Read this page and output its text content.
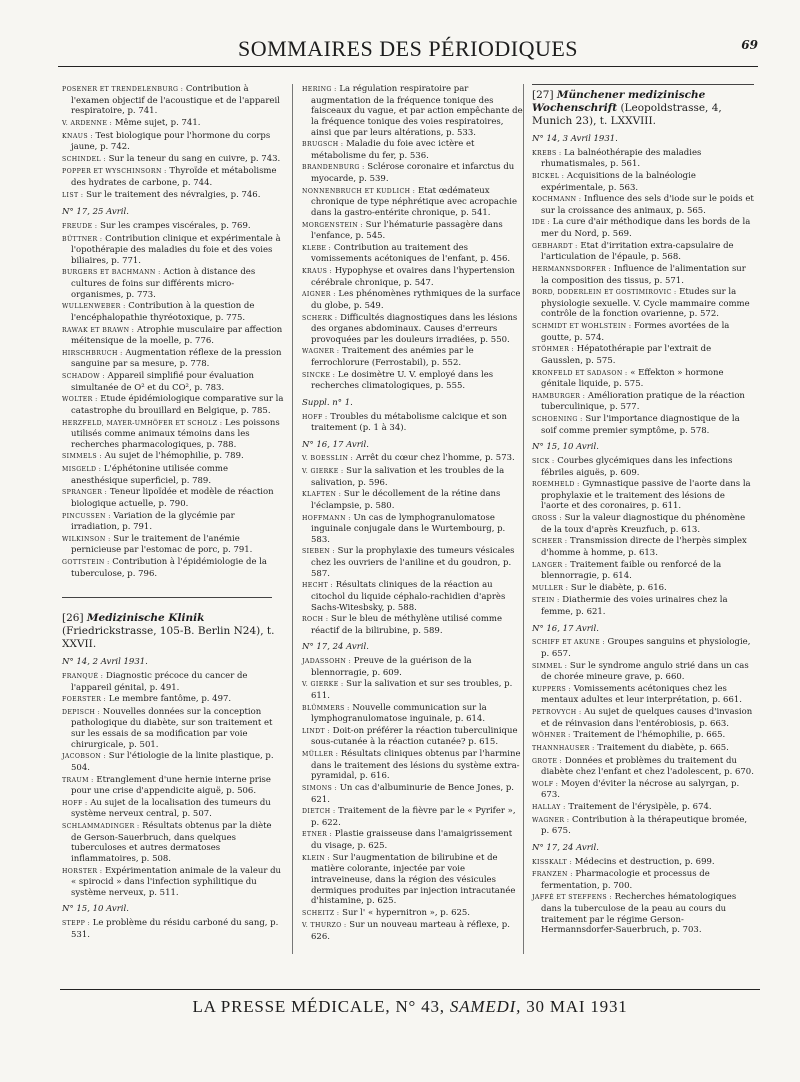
SOMMAIRES DES PÉRIODIQUES	69
POSENER ET TRENDELENBURG : Contribution à l'examen objectif de l'acoustique et de l'appareil respiratoire, p. 741.
V. ARDENNE : Même sujet, p. 741.
KNAUS : Test biologique pour l'hormone du corps jaune, p. 742.
SCHINDEL : Sur la teneur du sang en cuivre, p. 743.
POPPER ET WYSCHINSORN : Thyroïde et métabolisme des hydrates de carbone, p. 744.
LIST : Sur le traitement des névralgies, p. 746.
N° 17, 25 Avril.
FREUDE : Sur les crampes viscérales, p. 769.
BÜTTNER : Contribution clinique et expérimentale à l'opothérapie des maladies du foie et des voies biliaires, p. 771.
BURGERS ET BACHMANN : Action à distance des cultures de foins sur différents micro-organismes, p. 773.
WULLENWEBER : Contribution à la question de l'encéphalopathie thyréotoxique, p. 775.
RAWAK ET BRAWN : Atrophie musculaire par affection méitensique de la moelle, p. 776.
HIRSCHBRUCH : Augmentation réflexe de la pression sanguine par sa mesure, p. 778.
SCHADOW : Appareil simplifié pour évaluation simultanée de O² et du CO², p. 783.
WOLTER : Etude épidémiologique comparative sur la catastrophe du brouillard en Belgique, p. 785.
HERZFELD, MAYER-UMHÖFER ET SCHOLZ : Les poissons utilisés comme animaux témoins dans les recherches pharmacologiques, p. 788.
SIMMELS : Au sujet de l'hémophilie, p. 789.
MISGELD : L'éphétonine utilisée comme anesthésique superficiel, p. 789.
SPRANGER : Teneur lipoïdée et modèle de réaction biologique actuelle, p. 790.
PINCUSSEN : Variation de la glycémie par irradiation, p. 791.
WILKINSON : Sur le traitement de l'anémie pernicieuse par l'estomac de porc, p. 791.
GOTTSTEIN : Contribution à l'épidémiologie de la tuberculose, p. 796.
[26] Medizinische Klinik (Friedrickstrasse, 105-B. Berlin N24), t. XXVII.
N° 14, 2 Avril 1931.
FRANQUÉ : Diagnostic précoce du cancer de l'appareil génital, p. 491.
FOERSTER : Le membre fantôme, p. 497.
DEPISCH : Nouvelles données sur la conception pathologique du diabète, sur son traitement et sur les essais de sa modification par voie chirurgicale, p. 501.
JACOBSON : Sur l'étiologie de la linite plastique, p. 504.
TRAUM : Etranglement d'une hernie interne prise pour une crise d'appendicite aiguë, p. 506.
HOFF : Au sujet de la localisation des tumeurs du système nerveux central, p. 507.
SCHLAMMADINGER : Résultats obtenus par la diète de Gerson-Sauerbruch, dans quelques tuberculoses et autres dermatoses inflammatoires, p. 508.
HORSTER : Expérimentation animale de la valeur du « spirocid » dans l'infection syphilitique du système nerveux, p. 511.
N° 15, 10 Avril.
STEPP : Le problème du résidu carboné du sang, p. 531.
HERING : La régulation respiratoire par augmentation de la fréquence tonique des faisceaux du vague, et par action empêchante de la fréquence tonique des voies respiratoires, ainsi que par leurs altérations, p. 533.
BRUGSCH : Maladie du foie avec ictère et métabolisme du fer, p. 536.
BRANDENBURG : Sclérose coronaire et infarctus du myocarde, p. 539.
NONNENBRUCH ET KUDLICH : Etat œdémateux chronique de type néphrétique avec acropachie dans la gastro-entérite chronique, p. 541.
MORGENSTEIN : Sur l'hématurie passagère dans l'enfance, p. 545.
KLEBE : Contribution au traitement des vomissements acétoniques de l'enfant, p. 456.
KRAUS : Hypophyse et ovaires dans l'hypertension cérébrale chronique, p. 547.
AIGNER : Les phénomènes rythmiques de la surface du globe, p. 549.
SCHERK : Difficultés diagnostiques dans les lésions des organes abdominaux. Causes d'erreurs provoquées par les douleurs irradiées, p. 550.
WAGNER : Traitement des anémies par le ferrochlorure (Ferrostabil), p. 552.
SINCKE : Le dosimètre U. V. employé dans les recherches climatologiques, p. 555.
Suppl. n° 1.
HOFF : Troubles du métabolisme calcique et son traitement (p. 1 à 34).
N° 16, 17 Avril.
V. BOESSLIN : Arrêt du cœur chez l'homme, p. 573.
V. GIERKE : Sur la salivation et les troubles de la salivation, p. 596.
KLAFTEN : Sur le décollement de la rétine dans l'éclampsie, p. 580.
HOFFMANN : Un cas de lymphogranulomatose inguinale conjugale dans le Wurtembourg, p. 583.
SIEBEN : Sur la prophylaxie des tumeurs vésicales chez les ouvriers de l'aniline et du goudron, p. 587.
HECHT : Résultats cliniques de la réaction au citochol du liquide céphalo-rachidien d'après Sachs-Witesbsky, p. 588.
ROCH : Sur le bleu de méthylène utilisé comme réactif de la bilirubine, p. 589.
N° 17, 24 Avril.
JADASSOHN : Preuve de la guérison de la blennorragie, p. 609.
V. GIERKE : Sur la salivation et sur ses troubles, p. 611.
BLÜMMERS : Nouvelle communication sur la lymphogranulomatose inguinale, p. 614.
LINDT : Doit-on préférer la réaction tuberculinique sous-cutanée à la réaction cutanée? p. 615.
MÜLLER : Résultats cliniques obtenus par l'harmine dans le traitement des lésions du système extra-pyramidal, p. 616.
SIMONS : Un cas d'albuminurie de Bence Jones, p. 621.
DIETCH : Traitement de la fièvre par le « Pyrifer », p. 622.
ETNER : Plastie graisseuse dans l'amaigrissement du visage, p. 625.
KLEIN : Sur l'augmentation de bilirubine et de matière colorante, injectée par voie intraveineuse, dans la région des vésicules dermiques produites par injection intracutanée d'histamine, p. 625.
SCHEITZ : Sur l' « hypernitron », p. 625.
V. THURZO : Sur un nouveau marteau à réflexe, p. 626.
[27] Münchener medizinische Wochenschrift (Leopoldstrasse, 4, Munich 23), t. LXXVIII.
N° 14, 3 Avril 1931.
KREBS : La balnéothérapie des maladies rhumatismales, p. 561.
BICKEL : Acquisitions de la balnéologie expérimentale, p. 563.
KOCHMANN : Influence des sels d'iode sur le poids et sur la croissance des animaux, p. 565.
IDE : La cure d'air méthodique dans les bords de la mer du Nord, p. 569.
GEBHARDT : Etat d'irritation extra-capsulaire de l'articulation de l'épaule, p. 568.
HERMANNSDORFER : Influence de l'alimentation sur la composition des tissus, p. 571.
BORD, DODERLEIN ET GOSTIMIROVIC : Etudes sur la physiologie sexuelle. V. Cycle mammaire comme contrôle de la fonction ovarienne, p. 572.
SCHMIDT ET WOHLSTEIN : Formes avortées de la goutte, p. 574.
STÖHMER : Hépatothérapie par l'extrait de Gausslen, p. 575.
KRONFELD ET SADASON : « Effekton » hormone génitale liquide, p. 575.
HAMBURGER : Amélioration pratique de la réaction tuberculinique, p. 577.
SCHOENING : Sur l'importance diagnostique de la soif comme premier symptôme, p. 578.
N° 15, 10 Avril.
SICK : Courbes glycémiques dans les infections fébriles aiguës, p. 609.
ROEMHELD : Gymnastique passive de l'aorte dans la prophylaxie et le traitement des lésions de l'aorte et des coronaires, p. 611.
GROSS : Sur la valeur diagnostique du phénomène de la toux d'après Kreuzfuch, p. 613.
SCHEER : Transmission directe de l'herpès simplex d'homme à homme, p. 613.
LANGER : Traitement faible ou renforcé de la blennorragie, p. 614.
MULLER : Sur le diabète, p. 616.
STEIN : Diathermie des voies urinaires chez la femme, p. 621.
N° 16, 17 Avril.
SCHIFF ET AKUNE : Groupes sanguins et physiologie, p. 657.
SIMMEL : Sur le syndrome angulo strié dans un cas de chorée mineure grave, p. 660.
KUPPERS : Vomissements acétoniques chez les mentaux adultes et leur interprétation, p. 661.
PETROVYCH : Au sujet de quelques causes d'invasion et de réinvasion dans l'entérobiosis, p. 663.
WÖHNER : Traitement de l'hémophilie, p. 665.
THANNHAUSER : Traitement du diabète, p. 665.
GROTE : Données et problèmes du traitement du diabète chez l'enfant et chez l'adolescent, p. 670.
WOLF : Moyen d'éviter la nécrose au salyrgan, p. 673.
HALLAY : Traitement de l'érysipèle, p. 674.
WAGNER : Contribution à la thérapeutique bromée, p. 675.
N° 17, 24 Avril.
KISSKALT : Médecins et destruction, p. 699.
FRANZEN : Pharmacologie et processus de fermentation, p. 700.
JAFFÉ ET STEFFENS : Recherches hématologiques dans la tuberculose de la peau au cours du traitement par le régime Gerson-Hermannsdorfer-Sauerbruch, p. 703.
LA PRESSE MÉDICALE, N° 43, SAMEDI, 30 MAI 1931
